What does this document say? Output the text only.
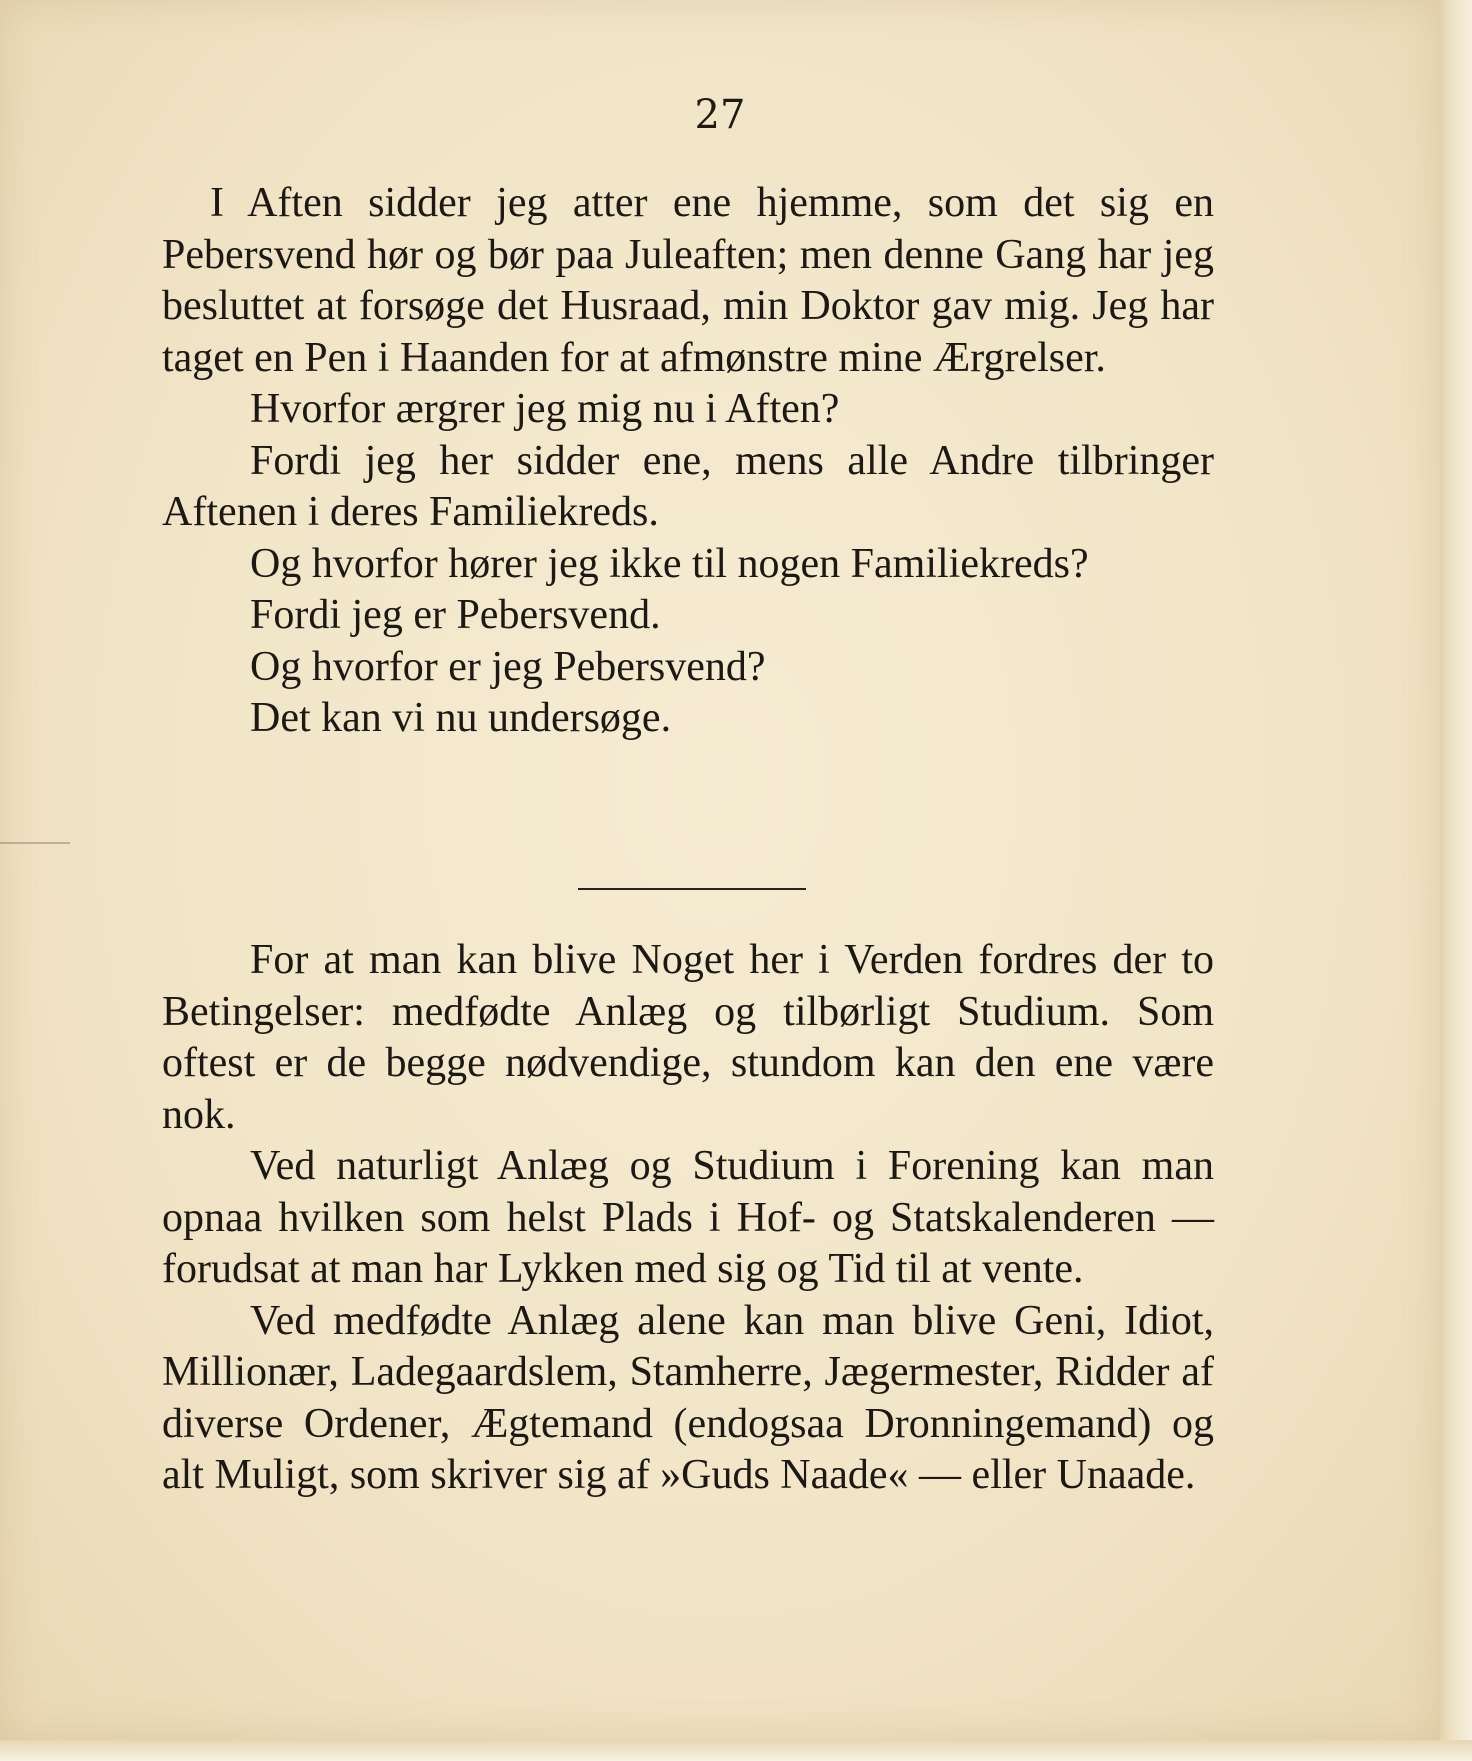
27

I Aften sidder jeg atter ene hjemme, som det sig en Pebersvend hør og bør paa Juleaften; men denne Gang har jeg besluttet at forsøge det Husraad, min Doktor gav mig. Jeg har taget en Pen i Haanden for at afmønstre mine Ærgrelser.

Hvorfor ærgrer jeg mig nu i Aften?

Fordi jeg her sidder ene, mens alle Andre tilbringer Aftenen i deres Familiekreds.

Og hvorfor hører jeg ikke til nogen Familiekreds?

Fordi jeg er Pebersvend.

Og hvorfor er jeg Pebersvend?

Det kan vi nu undersøge.

For at man kan blive Noget her i Verden fordres der to Betingelser: medfødte Anlæg og tilbørligt Studium. Som oftest er de begge nødvendige, stundom kan den ene være nok.

Ved naturligt Anlæg og Studium i Forening kan man opnaa hvilken som helst Plads i Hof- og Statskalenderen — forudsat at man har Lykken med sig og Tid til at vente.

Ved medfødte Anlæg alene kan man blive Geni, Idiot, Millionær, Ladegaardslem, Stamherre, Jægermester, Ridder af diverse Ordener, Ægtemand (endogsaa Dronningemand) og alt Muligt, som skriver sig af »Guds Naade« — eller Unaade.
